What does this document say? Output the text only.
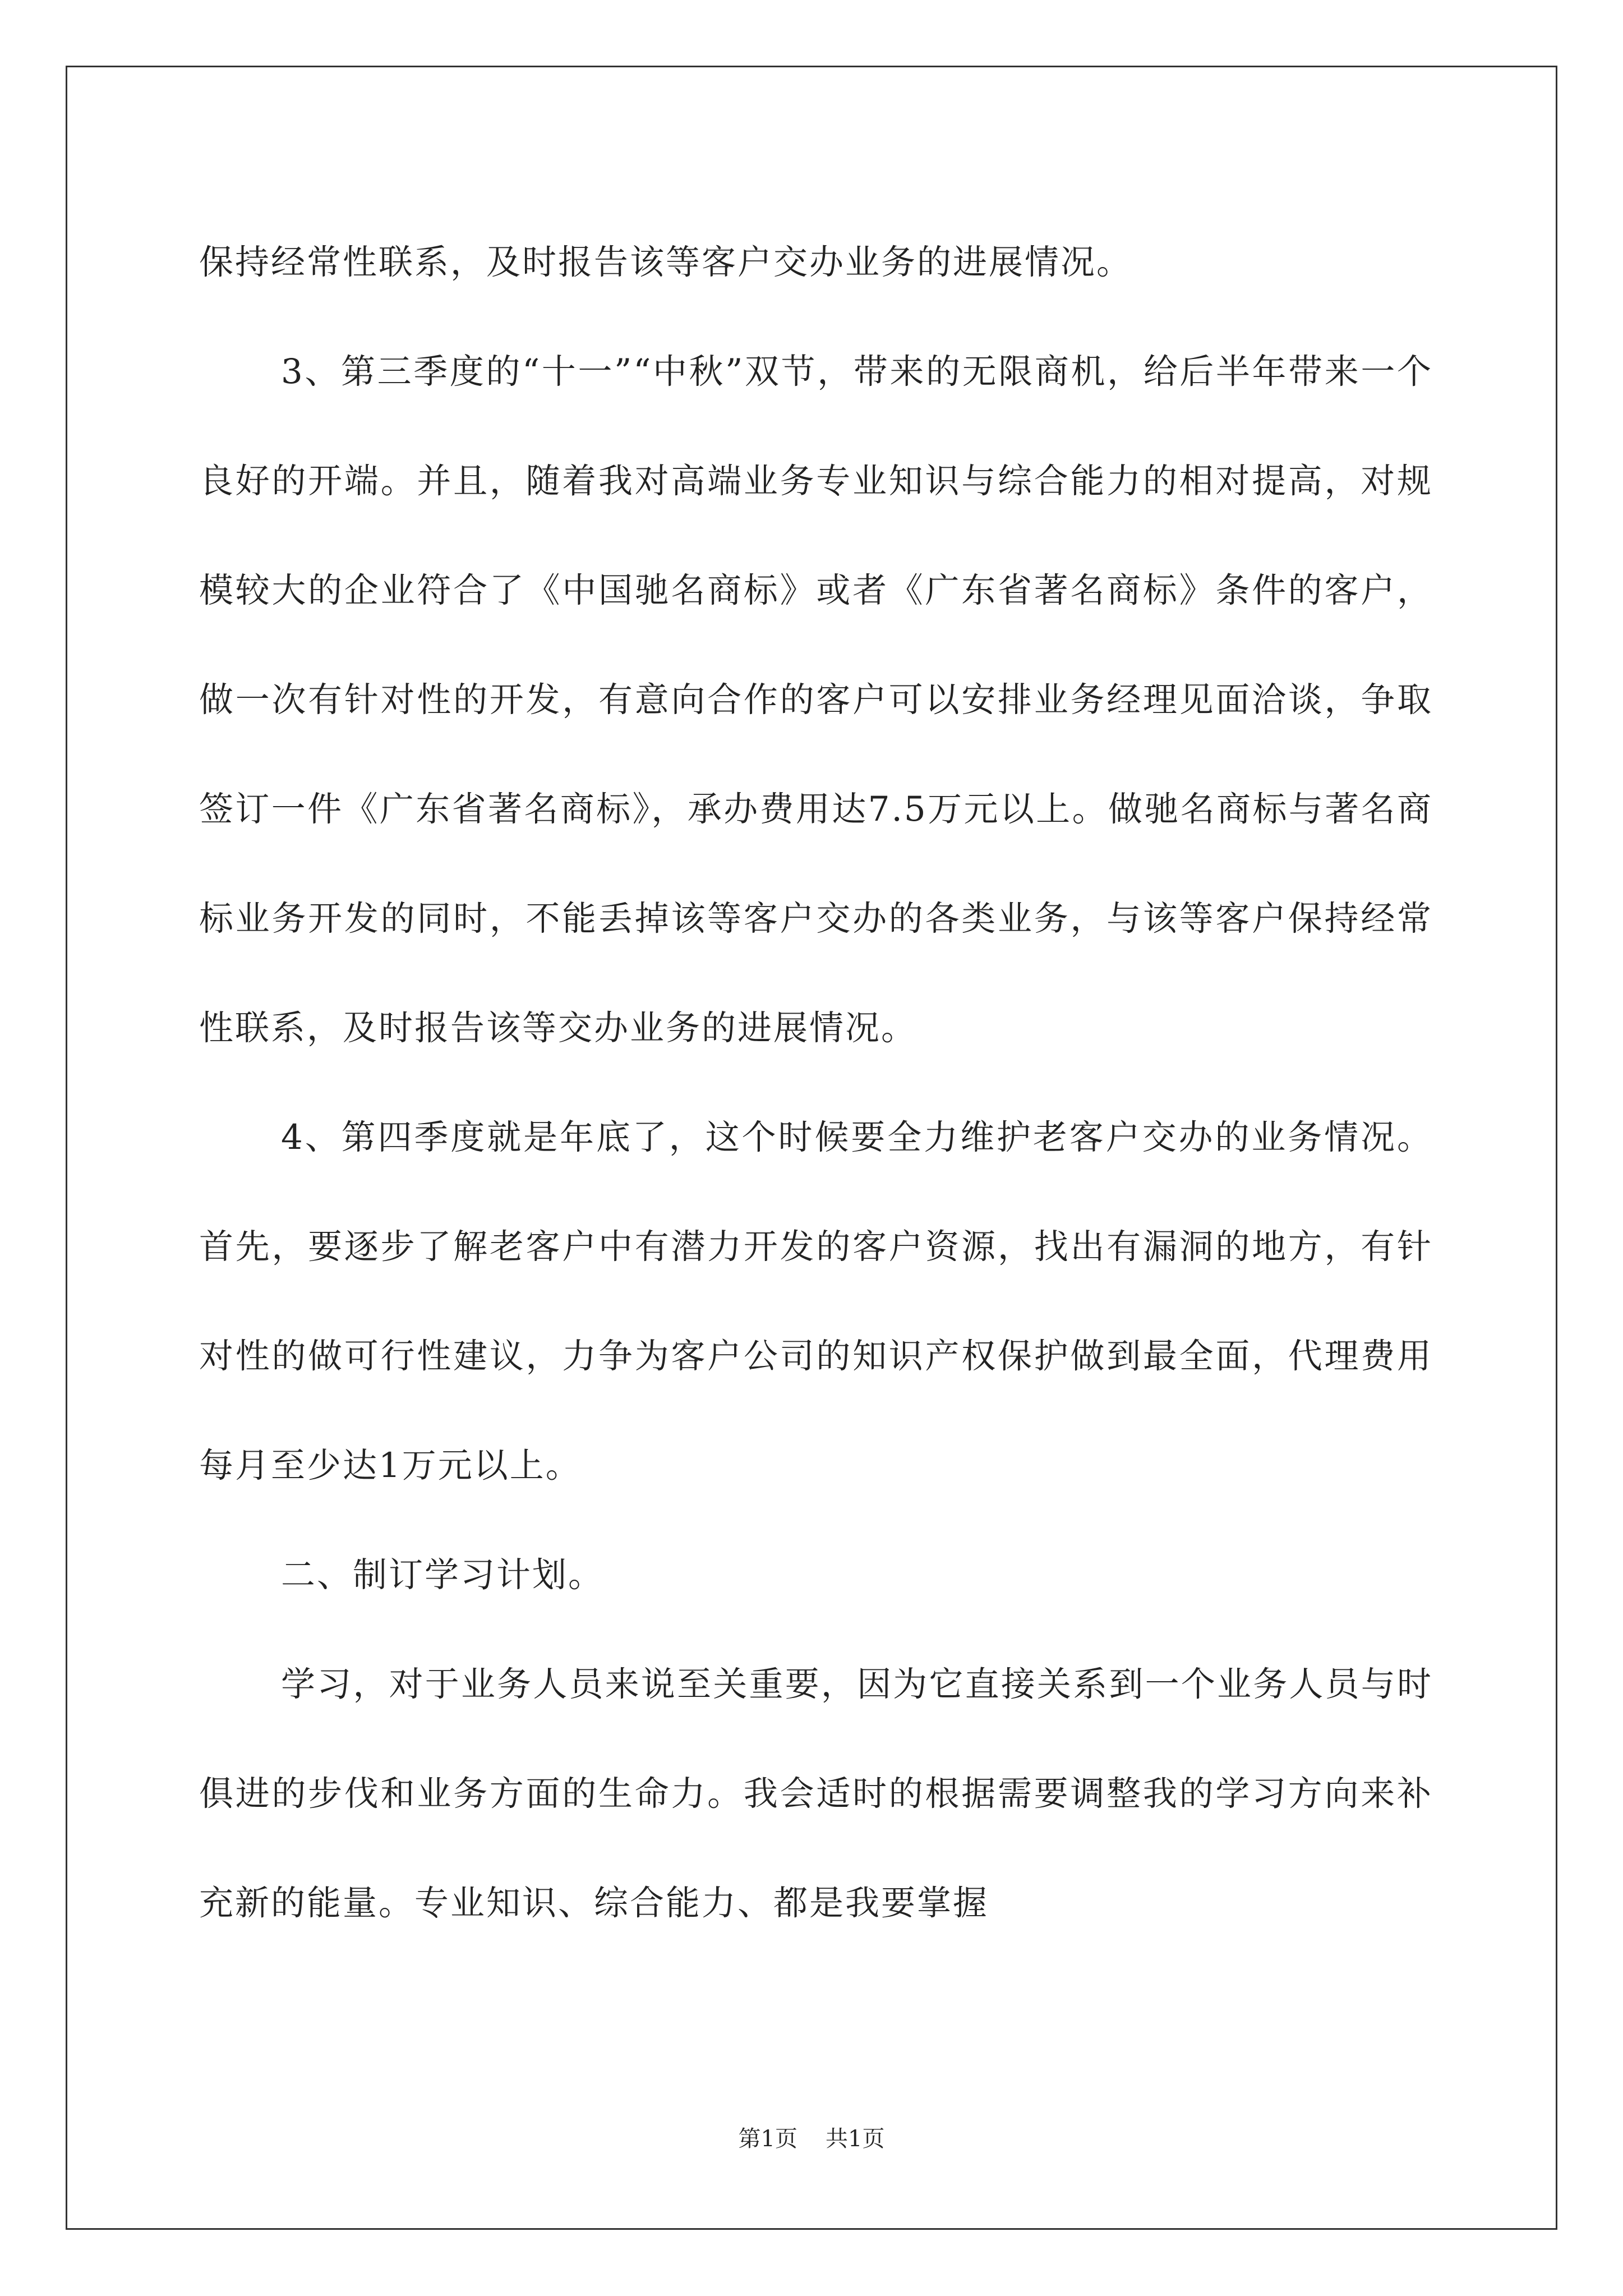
保持经常性联系，及时报告该等客户交办业务的进展情况。

3、第三季度的“十一”“中秋”双节，带来的无限商机，给后半年带来一个良好的开端。并且，随着我对高端业务专业知识与综合能力的相对提高，对规模较大的企业符合了《中国驰名商标》或者《广东省著名商标》条件的客户，做一次有针对性的开发，有意向合作的客户可以安排业务经理见面洽谈，争取签订一件《广东省著名商标》，承办费用达7.5万元以上。做驰名商标与著名商标业务开发的同时，不能丢掉该等客户交办的各类业务，与该等客户保持经常性联系，及时报告该等交办业务的进展情况。

4、第四季度就是年底了，这个时候要全力维护老客户交办的业务情况。首先，要逐步了解老客户中有潜力开发的客户资源，找出有漏洞的地方，有针对性的做可行性建议，力争为客户公司的知识产权保护做到最全面，代理费用每月至少达1万元以上。

二、制订学习计划。

学习，对于业务人员来说至关重要，因为它直接关系到一个业务人员与时俱进的步伐和业务方面的生命力。我会适时的根据需要调整我的学习方向来补充新的能量。专业知识、综合能力、都是我要掌握

第1页 共1页
